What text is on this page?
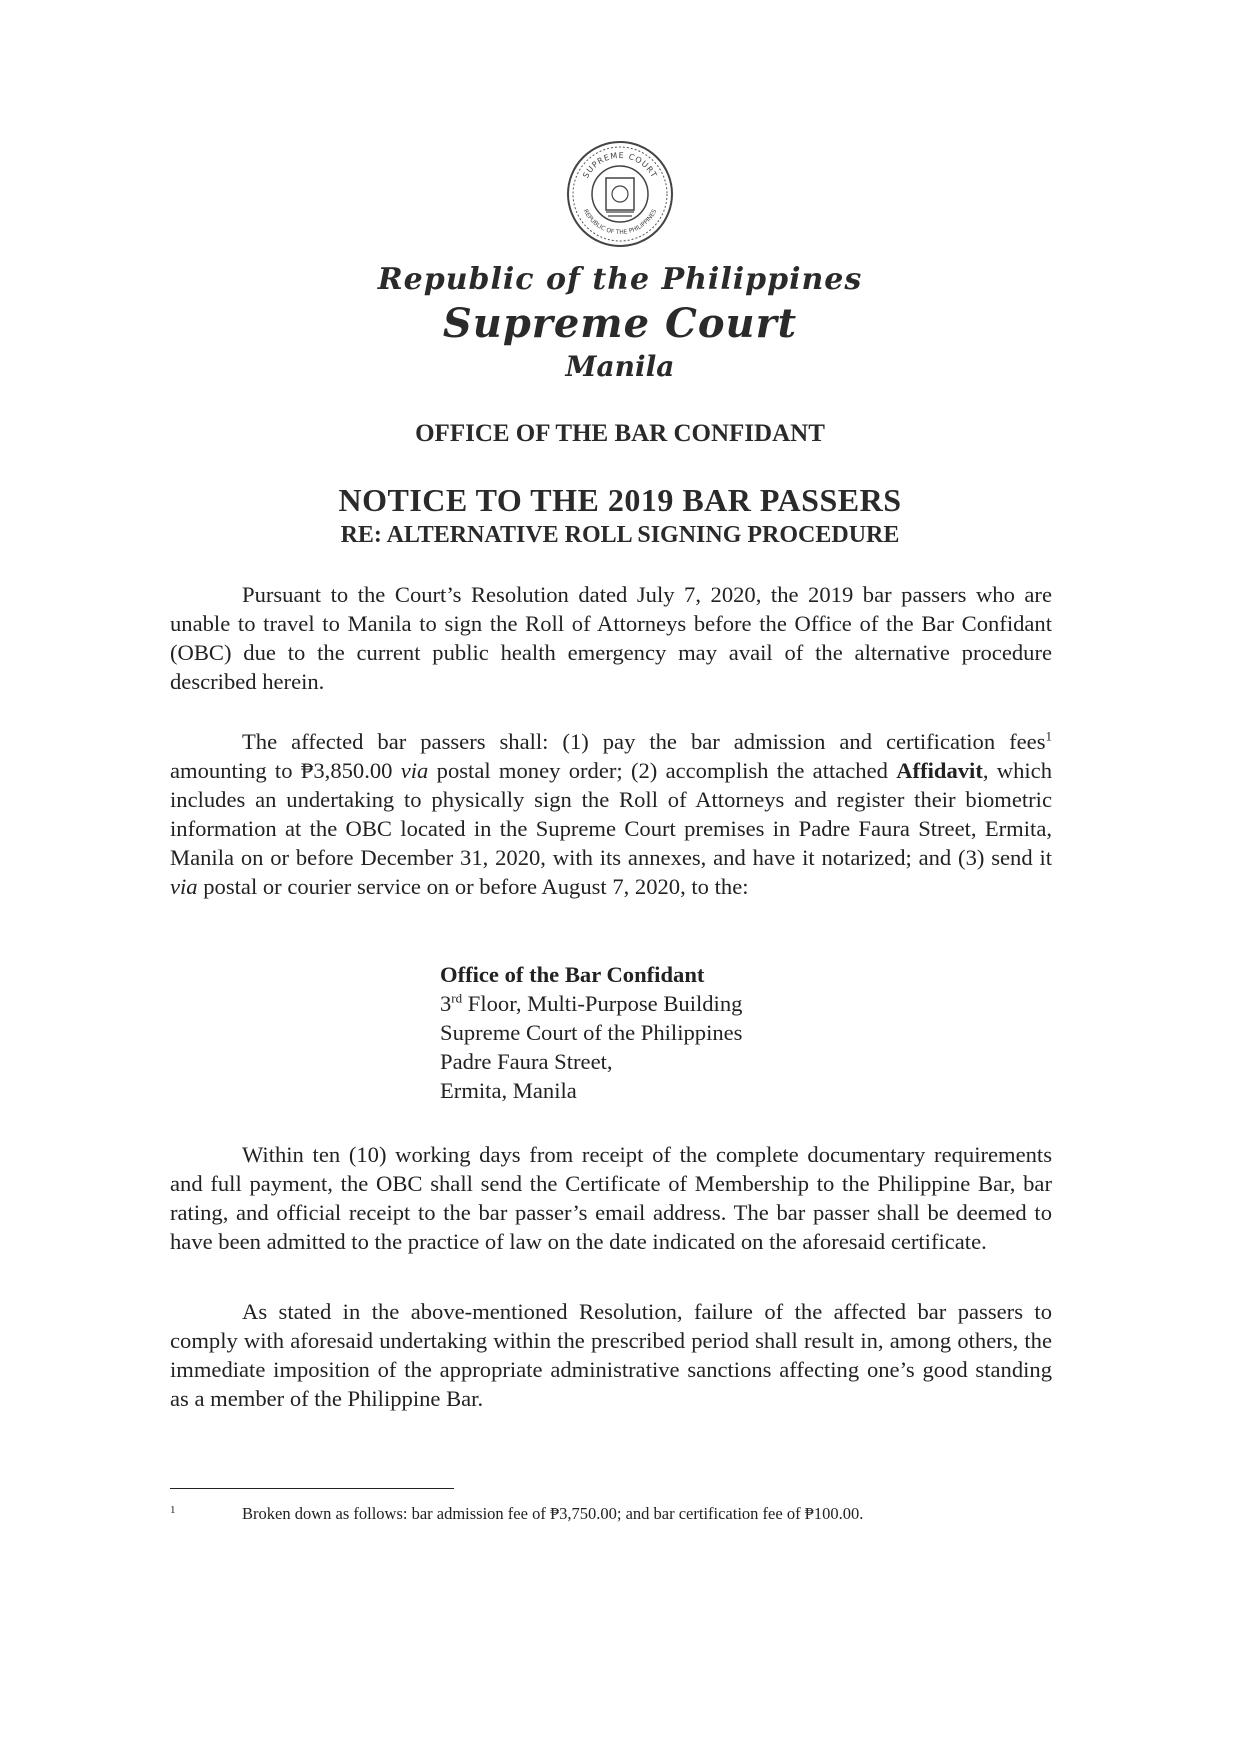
SUPREME COURT
REPUBLIC OF THE PHILIPPINES
Republic of the Philippines
Supreme Court
Manila
OFFICE OF THE BAR CONFIDANT
NOTICE TO THE 2019 BAR PASSERS
RE: ALTERNATIVE ROLL SIGNING PROCEDURE

Pursuant to the Court’s Resolution dated July 7, 2020, the 2019 bar passers who are unable to travel to Manila to sign the Roll of Attorneys before the Office of the Bar Confidant (OBC) due to the current public health emergency may avail of the alternative procedure described herein.

The affected bar passers shall: (1) pay the bar admission and certification fees$^1$ amounting to ₱3,850.00 via postal money order; (2) accomplish the attached Affidavit, which includes an undertaking to physically sign the Roll of Attorneys and register their biometric information at the OBC located in the Supreme Court premises in Padre Faura Street, Ermita, Manila on or before December 31, 2020, with its annexes, and have it notarized; and (3) send it via postal or courier service on or before August 7, 2020, to the:

Office of the Bar Confidant
3rd Floor, Multi-Purpose Building
Supreme Court of the Philippines
Padre Faura Street,
Ermita, Manila

Within ten (10) working days from receipt of the complete documentary requirements and full payment, the OBC shall send the Certificate of Membership to the Philippine Bar, bar rating, and official receipt to the bar passer’s email address. The bar passer shall be deemed to have been admitted to the practice of law on the date indicated on the aforesaid certificate.

As stated in the above-mentioned Resolution, failure of the affected bar passers to comply with aforesaid undertaking within the prescribed period shall result in, among others, the immediate imposition of the appropriate administrative sanctions affecting one’s good standing as a member of the Philippine Bar.

1	Broken down as follows: bar admission fee of ₱3,750.00; and bar certification fee of ₱100.00.
